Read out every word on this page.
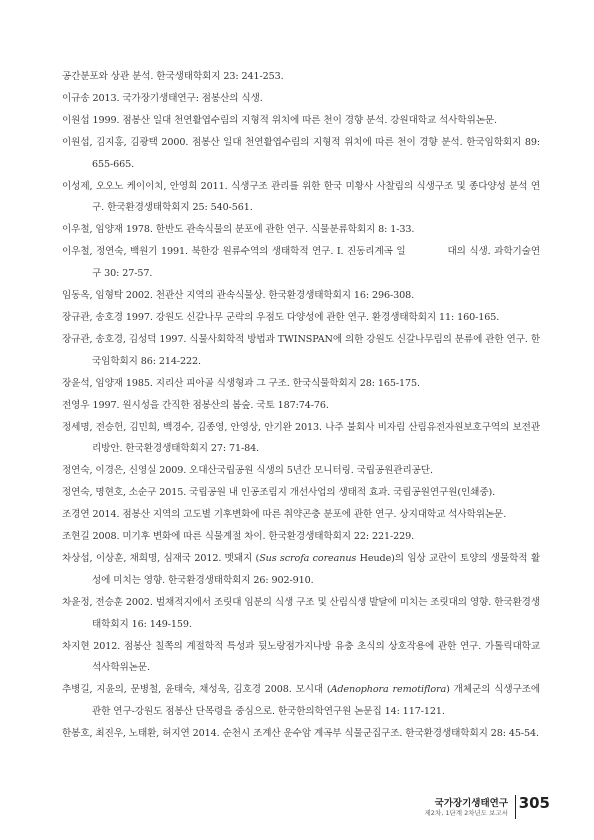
공간분포와 상관 분석. 한국생태학회지 23: 241-253.
이규송 2013. 국가장기생태연구: 점봉산의 식생.
이원섭 1999. 점봉산 일대 천연활엽수림의 지형적 위치에 따른 천이 경향 분석. 강원대학교 석사학위논문.
이원섭, 김지홍, 김광택 2000. 점봉산 일대 천연활엽수림의 지형적 위치에 따른 천이 경향 분석. 한국임학회지 89: 655-665.
이성제, 오오노 케이이치, 안영희 2011. 식생구조 관리를 위한 한국 미황사 사찰림의 식생구조 및 종다양성 분석 연구. 한국환경생태학회지 25: 540-561.
이우철, 임양재 1978. 한반도 관속식물의 분포에 관한 연구. 식물분류학회지 8: 1-33.
이우철, 정연숙, 백원기 1991. 북한강 원류수역의 생태학적 연구. I. 진동리계곡 일	대의 식생. 과학기술연구 30: 27-57.
임동옥, 임형탁 2002. 천관산 지역의 관속식물상. 한국환경생태학회지 16: 296-308.
장규관, 송호경 1997. 강원도 신갈나무 군락의 우점도 다양성에 관한 연구. 환경생태학회지 11: 160-165.
장규관, 송호경, 김성덕 1997. 식물사회학적 방법과 TWINSPAN에 의한 강원도 신갈나무림의 분류에 관한 연구. 한국임학회지 86: 214-222.
장윤석, 임양재 1985. 지리산 피아골 식생형과 그 구조. 한국식물학회지 28: 165-175.
전영우 1997. 원시성을 간직한 점봉산의 봄숲. 국토 187:74-76.
정세명, 전승헌, 김민희, 백경수, 김종영, 안영상, 안기완 2013. 나주 불회사 비자림 산림유전자원보호구역의 보전관리방안. 한국환경생태학회지 27: 71-84.
정연숙, 이경은, 신영실 2009. 오대산국립공원 식생의 5년간 모니터링. 국립공원관리공단.
정연숙, 명현호, 소순구 2015. 국립공원 내 인공조림지 개선사업의 생태적 효과. 국립공원연구원(인쇄중).
조경연 2014. 점봉산 지역의 고도별 기후변화에 따른 취약곤충 분포에 관한 연구. 상지대학교 석사학위논문.
조현길 2008. 미기후 변화에 따른 식물계절 차이. 한국환경생태학회지 22: 221-229.
차상섭, 이상훈, 채희명, 심재국 2012. 멧돼지 (Sus scrofa coreanus Heude)의 임상 교란이 토양의 생물학적 활성에 미치는 영향. 한국환경생태학회지 26: 902-910.
차윤정, 전승훈 2002. 벌채적지에서 조릿대 임분의 식생 구조 및 산림식생 발달에 미치는 조릿대의 영향. 한국환경생태학회지 16: 149-159.
차지현 2012. 점봉산 칠쪽의 계절학적 특성과 뒷노랑점가지나방 유충 초식의 상호작용에 관한 연구. 가톨릭대학교 석사학위논문.
추병길, 지윤의, 문병철, 윤태숙, 채성욱, 김호경 2008. 모시대 (Adenophora remotiflora) 개체군의 식생구조에 관한 연구-강원도 점봉산 단목령을 중심으로. 한국한의학연구원 논문집 14: 117-121.
한봉호, 최진우, 노태환, 허지연 2014. 순천시 조계산 운수암 계곡부 식물군집구조. 한국환경생태학회지 28: 45-54.
국가장기생태연구
제2차, 1단계 2차년도 보고서
305
